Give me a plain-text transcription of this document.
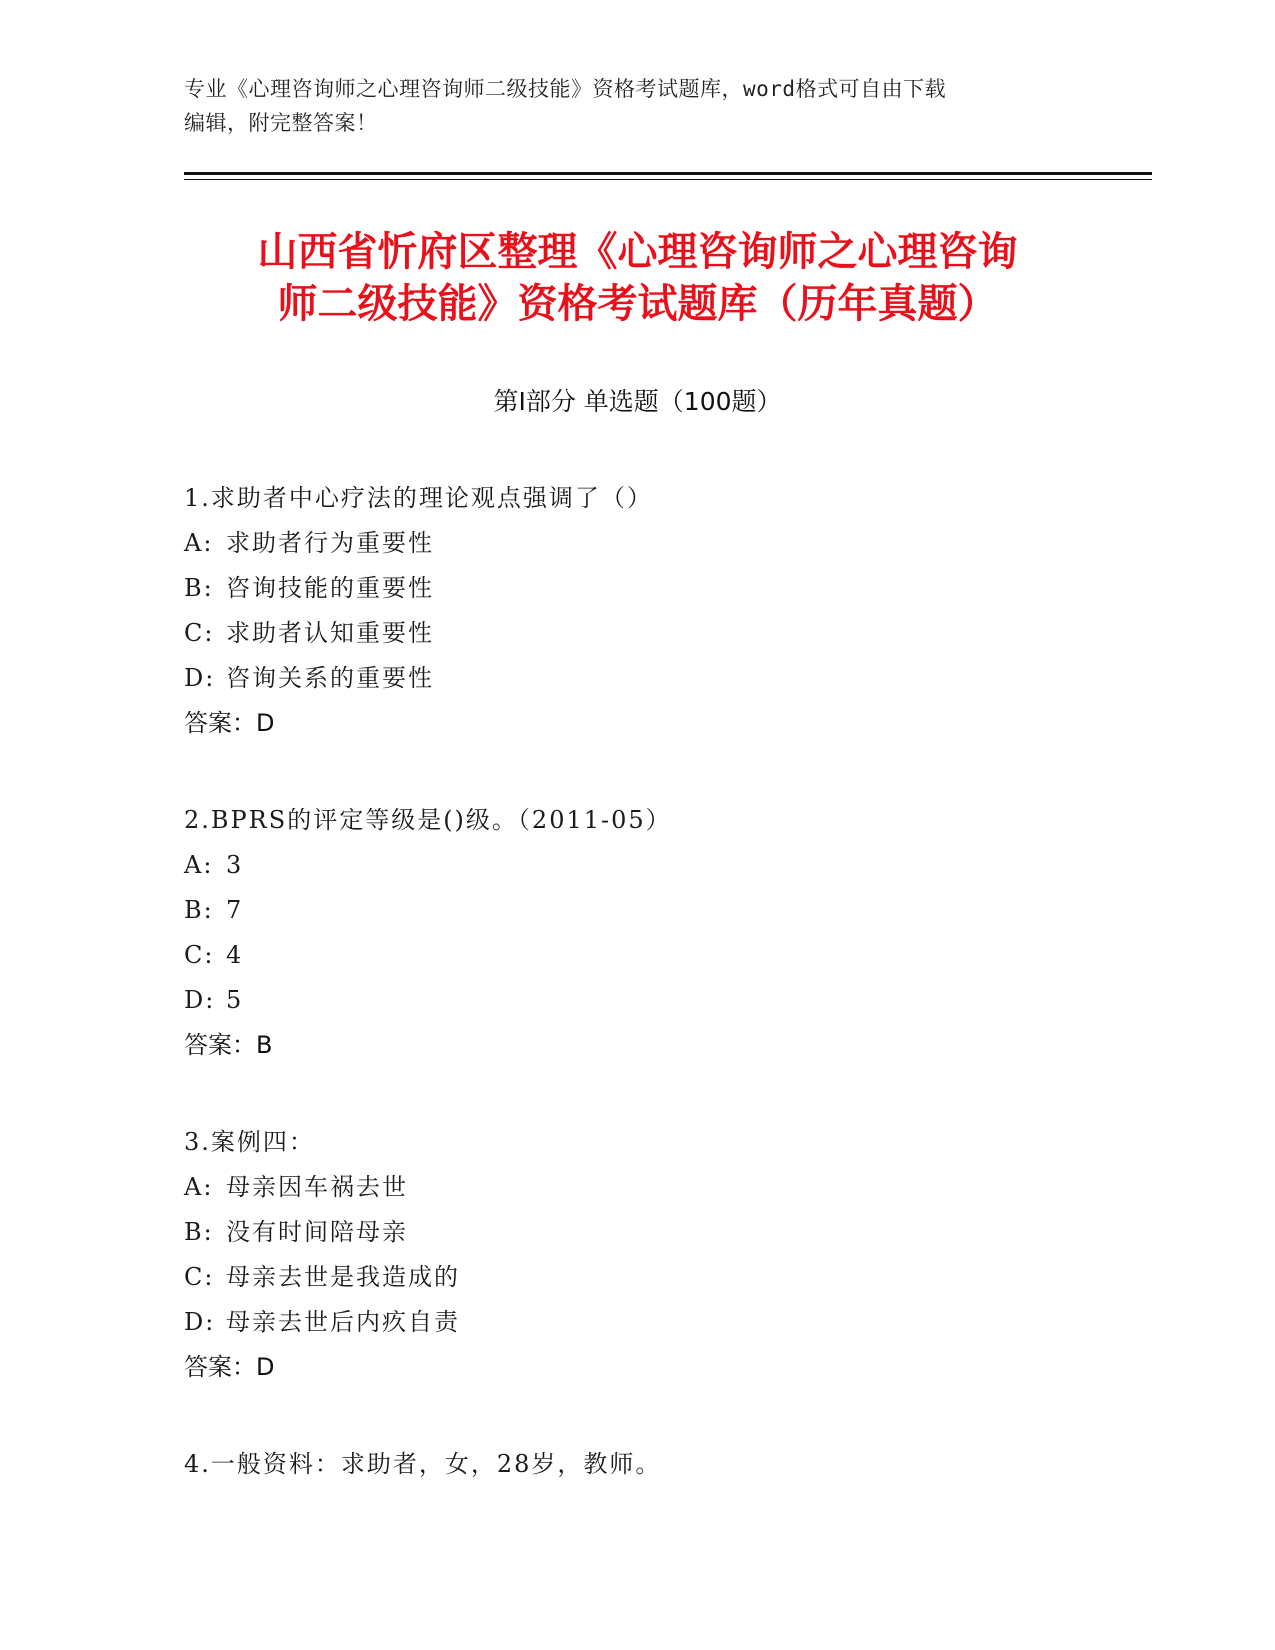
专业《心理咨询师之心理咨询师二级技能》资格考试题库，word格式可自由下载
编辑，附完整答案！
山西省忻府区整理《心理咨询师之心理咨询
师二级技能》资格考试题库（历年真题）
第Ⅰ部分 单选题（100题）
1.求助者中心疗法的理论观点强调了（）
A: 求助者行为重要性
B: 咨询技能的重要性
C: 求助者认知重要性
D: 咨询关系的重要性
答案：D
2.BPRS的评定等级是()级。（2011-05）
A: 3
B: 7
C: 4
D: 5
答案：B
3.案例四：
A: 母亲因车祸去世
B: 没有时间陪母亲
C: 母亲去世是我造成的
D: 母亲去世后内疚自责
答案：D
4.一般资料：求助者，女，28岁，教师。
